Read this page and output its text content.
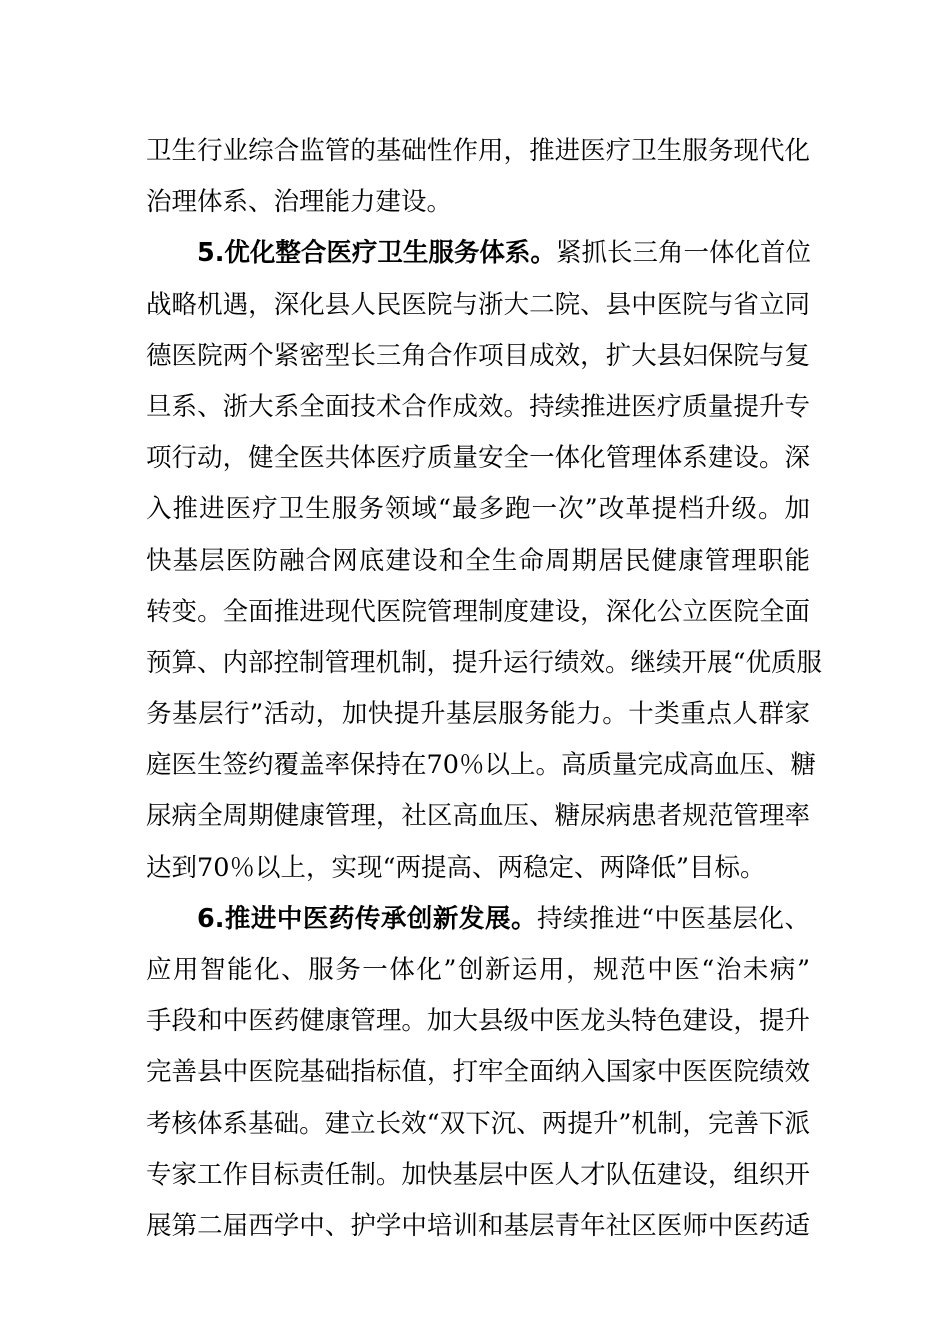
卫生行业综合监管的基础性作用，推进医疗卫生服务现代化
治理体系、治理能力建设。
5.优化整合医疗卫生服务体系。紧抓长三角一体化首位
战略机遇，深化县人民医院与浙大二院、县中医院与省立同
德医院两个紧密型长三角合作项目成效，扩大县妇保院与复
旦系、浙大系全面技术合作成效。持续推进医疗质量提升专
项行动，健全医共体医疗质量安全一体化管理体系建设。深
入推进医疗卫生服务领域“最多跑一次”改革提档升级。加
快基层医防融合网底建设和全生命周期居民健康管理职能
转变。全面推进现代医院管理制度建设，深化公立医院全面
预算、内部控制管理机制，提升运行绩效。继续开展“优质服
务基层行”活动，加快提升基层服务能力。十类重点人群家
庭医生签约覆盖率保持在70％以上。高质量完成高血压、糖
尿病全周期健康管理，社区高血压、糖尿病患者规范管理率
达到70％以上，实现“两提高、两稳定、两降低”目标。
6.推进中医药传承创新发展。持续推进“中医基层化、
应用智能化、服务一体化”创新运用，规范中医“治未病”
手段和中医药健康管理。加大县级中医龙头特色建设，提升
完善县中医院基础指标值，打牢全面纳入国家中医医院绩效
考核体系基础。建立长效“双下沉、两提升”机制，完善下派
专家工作目标责任制。加快基层中医人才队伍建设，组织开
展第二届西学中、护学中培训和基层青年社区医师中医药适
